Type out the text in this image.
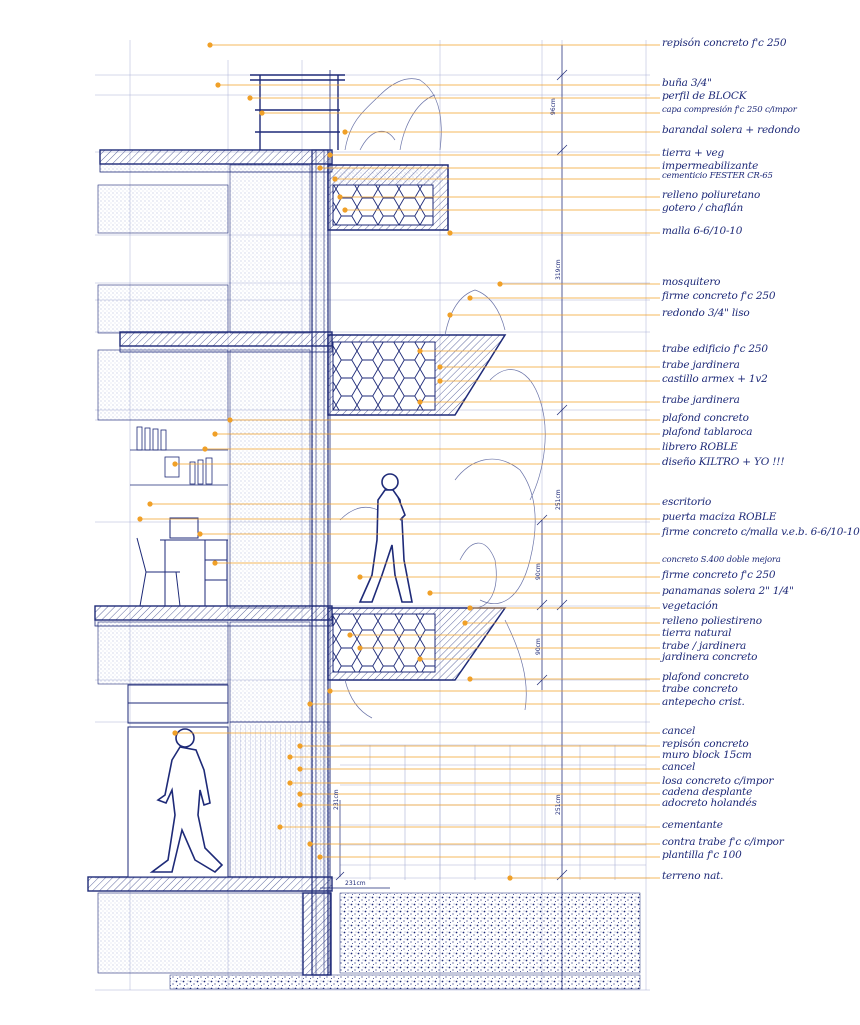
repisón concreto f'c 250
buña 3/4"
perfil de BLOCK
capa compresión f'c 250 c/impor
barandal solera + redondo
tierra + veg
impermeabilizante
cementicio FESTER CR-65
relleno poliuretano
gotero / chaflán
malla 6-6/10-10
mosquitero
firme concreto f'c 250
redondo 3/4" liso
trabe edificio f'c 250
trabe jardinera
castillo armex + 1v2
trabe jardinera
plafond concreto
plafond tablaroca
librero ROBLE
diseño KILTRO + YO !!!
escritorio
puerta maciza ROBLE
firme concreto c/malla v.e.b. 6-6/10-10
concreto S.400 doble mejora
firme concreto f'c 250
panamanas solera 2" 1/4"
vegetación
relleno poliestireno
tierra natural
trabe / jardinera
jardinera concreto
plafond concreto
trabe concreto
antepecho crist.
cancel
repisón concreto
muro block 15cm
cancel
losa concreto c/impor
cadena desplante
adocreto holandés
cementante
contra trabe f'c c/impor
plantilla f'c 100
terreno nat.
96cm
319cm
251cm
90cm
251cm
231cm
231cm
90cm
